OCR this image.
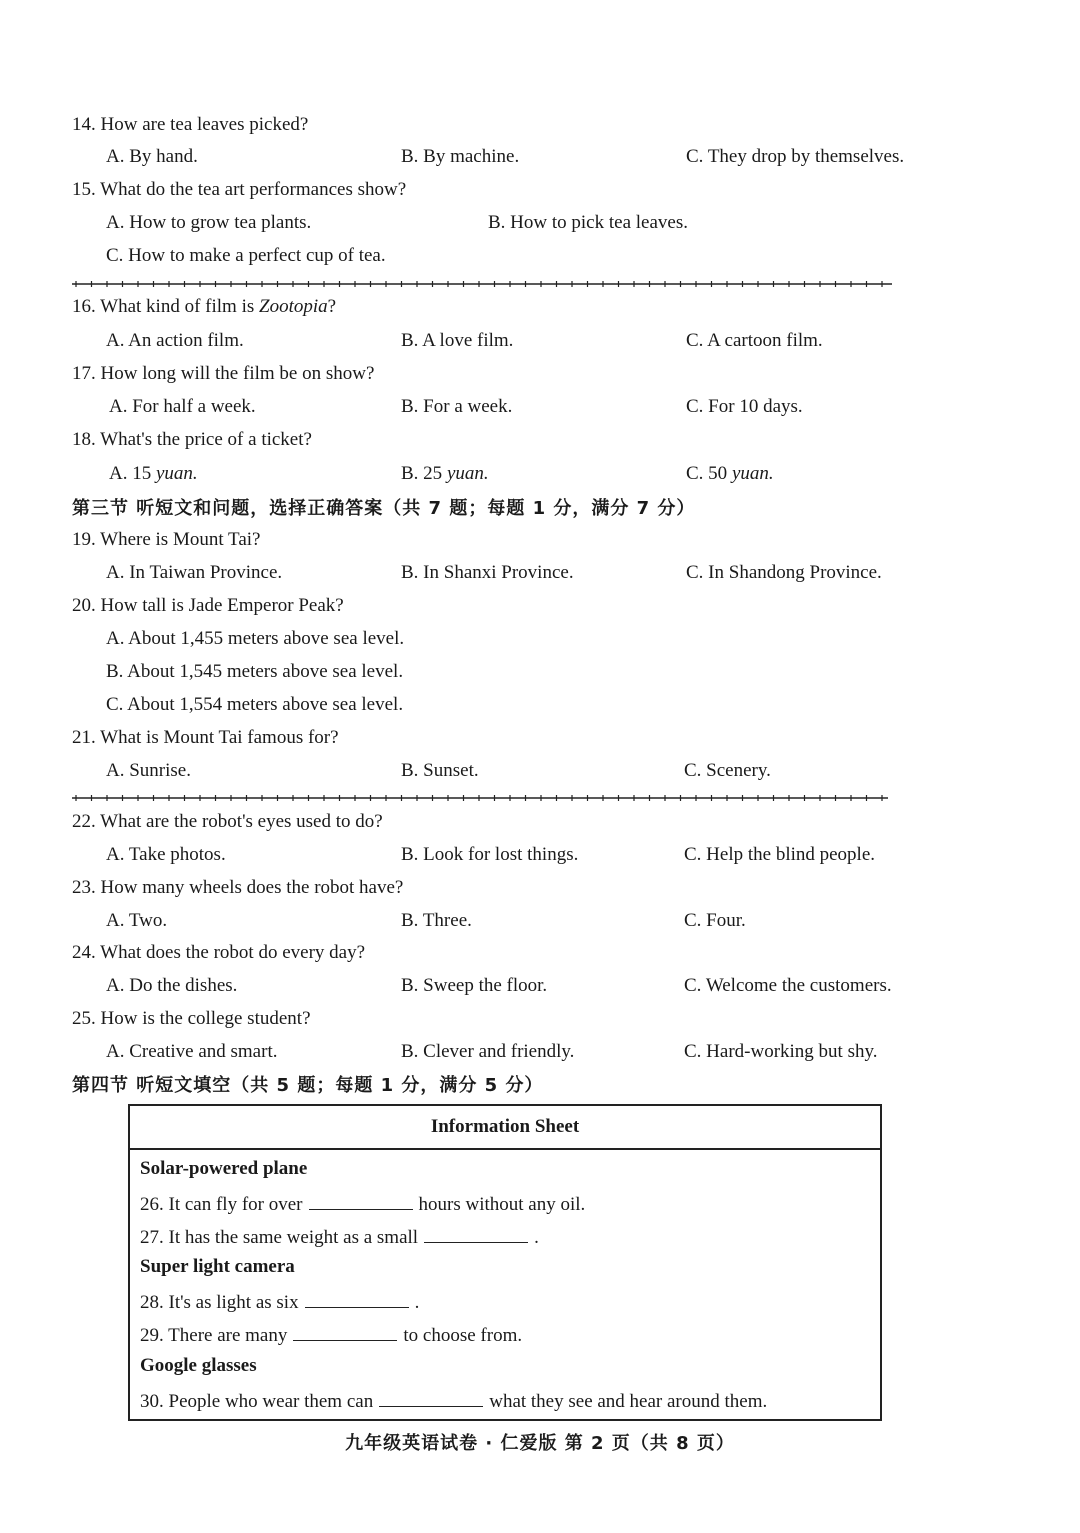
14. How are tea leaves picked?
A. By hand.	B. By machine.	C. They drop by themselves.
15. What do the tea art performances show?
A. How to grow tea plants.	B. How to pick tea leaves.
C. How to make a perfect cup of tea.
16. What kind of film is Zootopia?
A. An action film.	B. A love film.	C. A cartoon film.
17. How long will the film be on show?
A. For half a week.	B. For a week.	C. For 10 days.
18. What's the price of a ticket?
A. 15 yuan.	B. 25 yuan.	C. 50 yuan.
第三节 听短文和问题，选择正确答案（共 7 题；每题 1 分，满分 7 分）
19. Where is Mount Tai?
A. In Taiwan Province.	B. In Shanxi Province.	C. In Shandong Province.
20. How tall is Jade Emperor Peak?
A. About 1,455 meters above sea level.
B. About 1,545 meters above sea level.
C. About 1,554 meters above sea level.
21. What is Mount Tai famous for?
A. Sunrise.	B. Sunset.	C. Scenery.
22. What are the robot's eyes used to do?
A. Take photos.	B. Look for lost things.	C. Help the blind people.
23. How many wheels does the robot have?
A. Two.	B. Three.	C. Four.
24. What does the robot do every day?
A. Do the dishes.	B. Sweep the floor.	C. Welcome the customers.
25. How is the college student?
A. Creative and smart.	B. Clever and friendly.	C. Hard-working but shy.
第四节 听短文填空（共 5 题；每题 1 分，满分 5 分）
Information Sheet
Solar-powered plane
26. It can fly for over	hours without any oil.
27. It has the same weight as a small	.
Super light camera
28. It's as light as six	.
29. There are many	to choose from.
Google glasses
30. People who wear them can	what they see and hear around them.
九年级英语试卷 · 仁爱版 第 2 页（共 8 页）
